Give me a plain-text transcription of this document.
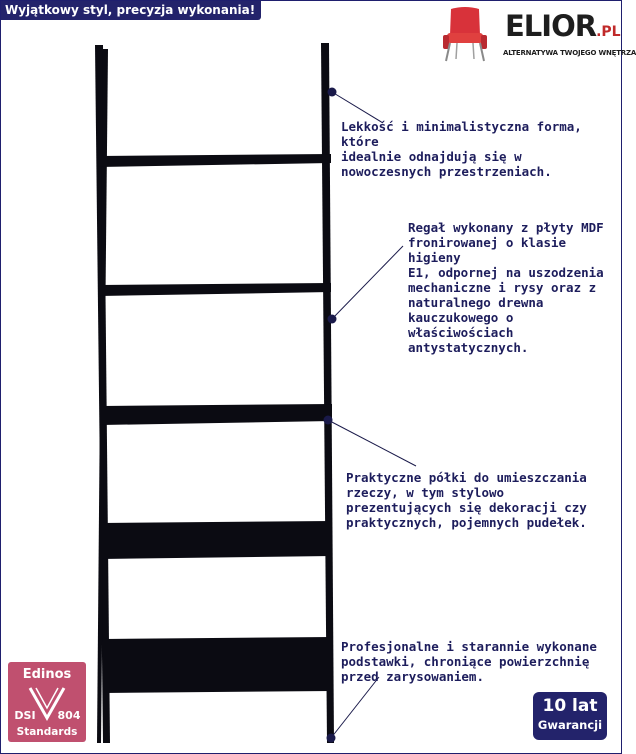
Wyjątkowy styl, precyzja wykonania!	ELIOR.PL
ALTERNATYWA TWOJEGO WNĘTRZA
Lekkość i minimalistyczna forma, które
idealnie odnajdują się w
nowoczesnych przestrzeniach.
Regał wykonany z płyty MDF
fronirowanej o klasie higieny
E1, odpornej na uszodzenia
mechaniczne i rysy oraz z
naturalnego drewna
kauczukowego o
właściwościach
antystatycznych.
Praktyczne półki do umieszczania
rzeczy, w tym stylowo
prezentujących się dekoracji czy
praktycznych, pojemnych pudełek.
Profesjonalne i starannie wykonane
podstawki, chroniące powierzchnię
przed zarysowaniem.
Edinos
DSI 804
Standards
10 lat
Gwarancji
